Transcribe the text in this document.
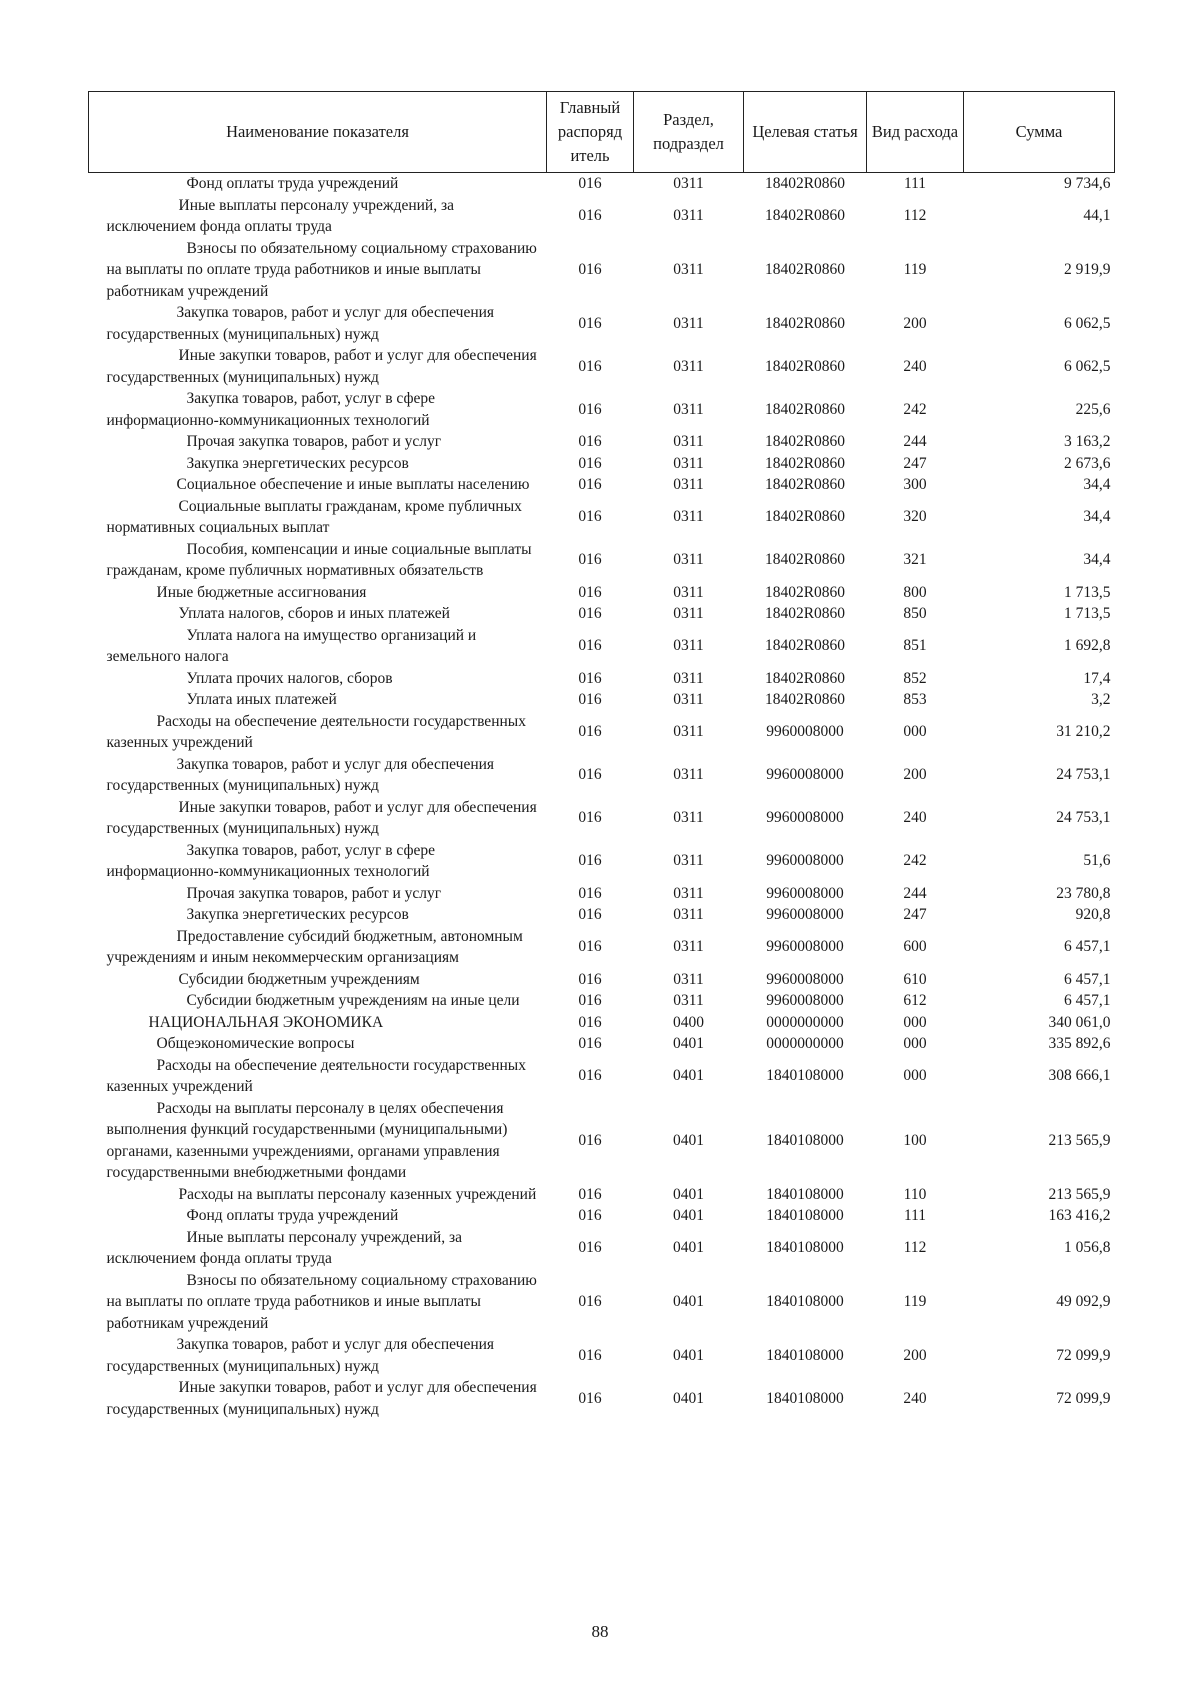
Наименование показателя	Главный распоряд итель	Раздел, подраздел	Целевая статья	Вид расхода	Сумма
Фонд оплаты труда учреждений	016	0311	18402R0860	111	9 734,6
Иные выплаты персоналу учреждений, за исключением фонда оплаты труда	016	0311	18402R0860	112	44,1
Взносы по обязательному социальному страхованию на выплаты по оплате труда работников и иные выплаты работникам учреждений	016	0311	18402R0860	119	2 919,9
Закупка товаров, работ и услуг для обеспечения государственных (муниципальных) нужд	016	0311	18402R0860	200	6 062,5
Иные закупки товаров, работ и услуг для обеспечения государственных (муниципальных) нужд	016	0311	18402R0860	240	6 062,5
Закупка товаров, работ, услуг в сфере информационно-коммуникационных технологий	016	0311	18402R0860	242	225,6
Прочая закупка товаров, работ и услуг	016	0311	18402R0860	244	3 163,2
Закупка энергетических ресурсов	016	0311	18402R0860	247	2 673,6
Социальное обеспечение и иные выплаты населению	016	0311	18402R0860	300	34,4
Социальные выплаты гражданам, кроме публичных нормативных социальных выплат	016	0311	18402R0860	320	34,4
Пособия, компенсации и иные социальные выплаты гражданам, кроме публичных нормативных обязательств	016	0311	18402R0860	321	34,4
Иные бюджетные ассигнования	016	0311	18402R0860	800	1 713,5
Уплата налогов, сборов и иных платежей	016	0311	18402R0860	850	1 713,5
Уплата налога на имущество организаций и земельного налога	016	0311	18402R0860	851	1 692,8
Уплата прочих налогов, сборов	016	0311	18402R0860	852	17,4
Уплата иных платежей	016	0311	18402R0860	853	3,2
Расходы на обеспечение деятельности государственных казенных учреждений	016	0311	9960008000	000	31 210,2
Закупка товаров, работ и услуг для обеспечения государственных (муниципальных) нужд	016	0311	9960008000	200	24 753,1
Иные закупки товаров, работ и услуг для обеспечения государственных (муниципальных) нужд	016	0311	9960008000	240	24 753,1
Закупка товаров, работ, услуг в сфере информационно-коммуникационных технологий	016	0311	9960008000	242	51,6
Прочая закупка товаров, работ и услуг	016	0311	9960008000	244	23 780,8
Закупка энергетических ресурсов	016	0311	9960008000	247	920,8
Предоставление субсидий бюджетным, автономным учреждениям и иным некоммерческим организациям	016	0311	9960008000	600	6 457,1
Субсидии бюджетным учреждениям	016	0311	9960008000	610	6 457,1
Субсидии бюджетным учреждениям на иные цели	016	0311	9960008000	612	6 457,1
НАЦИОНАЛЬНАЯ ЭКОНОМИКА	016	0400	0000000000	000	340 061,0
Общеэкономические вопросы	016	0401	0000000000	000	335 892,6
Расходы на обеспечение деятельности государственных казенных учреждений	016	0401	1840108000	000	308 666,1
Расходы на выплаты персоналу в целях обеспечения выполнения функций государственными (муниципальными) органами, казенными учреждениями, органами управления государственными внебюджетными фондами	016	0401	1840108000	100	213 565,9
Расходы на выплаты персоналу казенных учреждений	016	0401	1840108000	110	213 565,9
Фонд оплаты труда учреждений	016	0401	1840108000	111	163 416,2
Иные выплаты персоналу учреждений, за исключением фонда оплаты труда	016	0401	1840108000	112	1 056,8
Взносы по обязательному социальному страхованию на выплаты по оплате труда работников и иные выплаты работникам учреждений	016	0401	1840108000	119	49 092,9
Закупка товаров, работ и услуг для обеспечения государственных (муниципальных) нужд	016	0401	1840108000	200	72 099,9
Иные закупки товаров, работ и услуг для обеспечения государственных (муниципальных) нужд	016	0401	1840108000	240	72 099,9
88
